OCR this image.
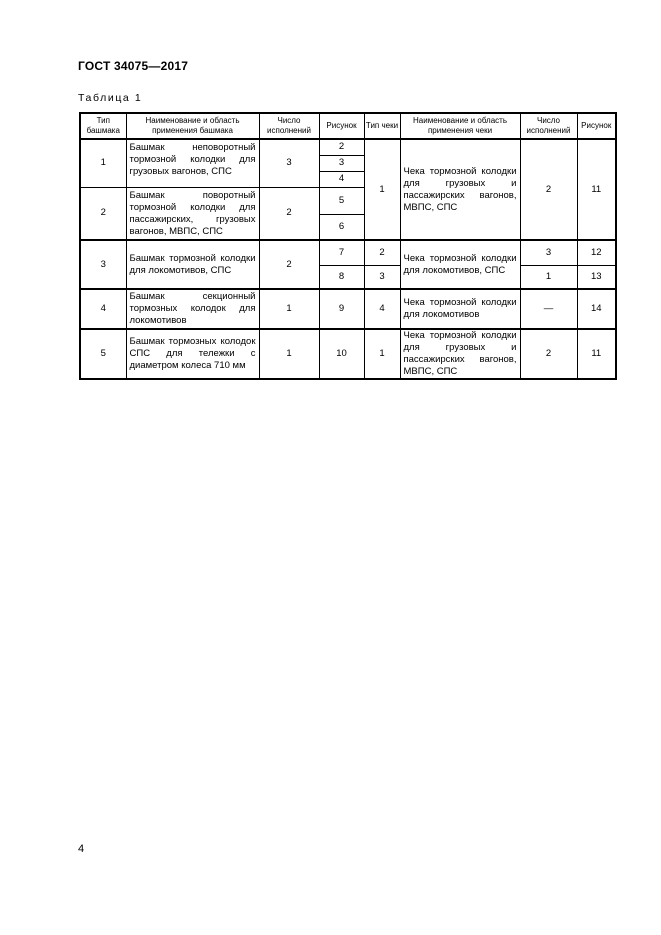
ГОСТ 34075—2017
Таблица 1
Тип башмака	Наименование и область применения башмака	Число исполнений	Рисунок	Тип чеки	Наименование и область применения чеки	Число исполнений	Рисунок
1	Башмак неповоротный тормозной колодки для грузовых вагонов, СПС	3	2	1	Чека тормозной колодки для грузовых и пассажирских вагонов, МВПС, СПС	2	11
			3				
			4				
2	Башмак поворотный тормозной колодки для пассажирских, грузовых вагонов, МВПС, СПС	2	5				
			6				
3	Башмак тормозной колодки для локомотивов, СПС	2	7	2	Чека тормозной колодки для локомотивов, СПС	3	12
			8	3		1	13
4	Башмак секционный тормозных колодок для локомотивов	1	9	4	Чека тормозной колодки для локомотивов	—	14
5	Башмак тормозных колодок СПС для тележки с диаметром колеса 710 мм	1	10	1	Чека тормозной колодки для грузовых и пассажирских вагонов, МВПС, СПС	2	11
4
